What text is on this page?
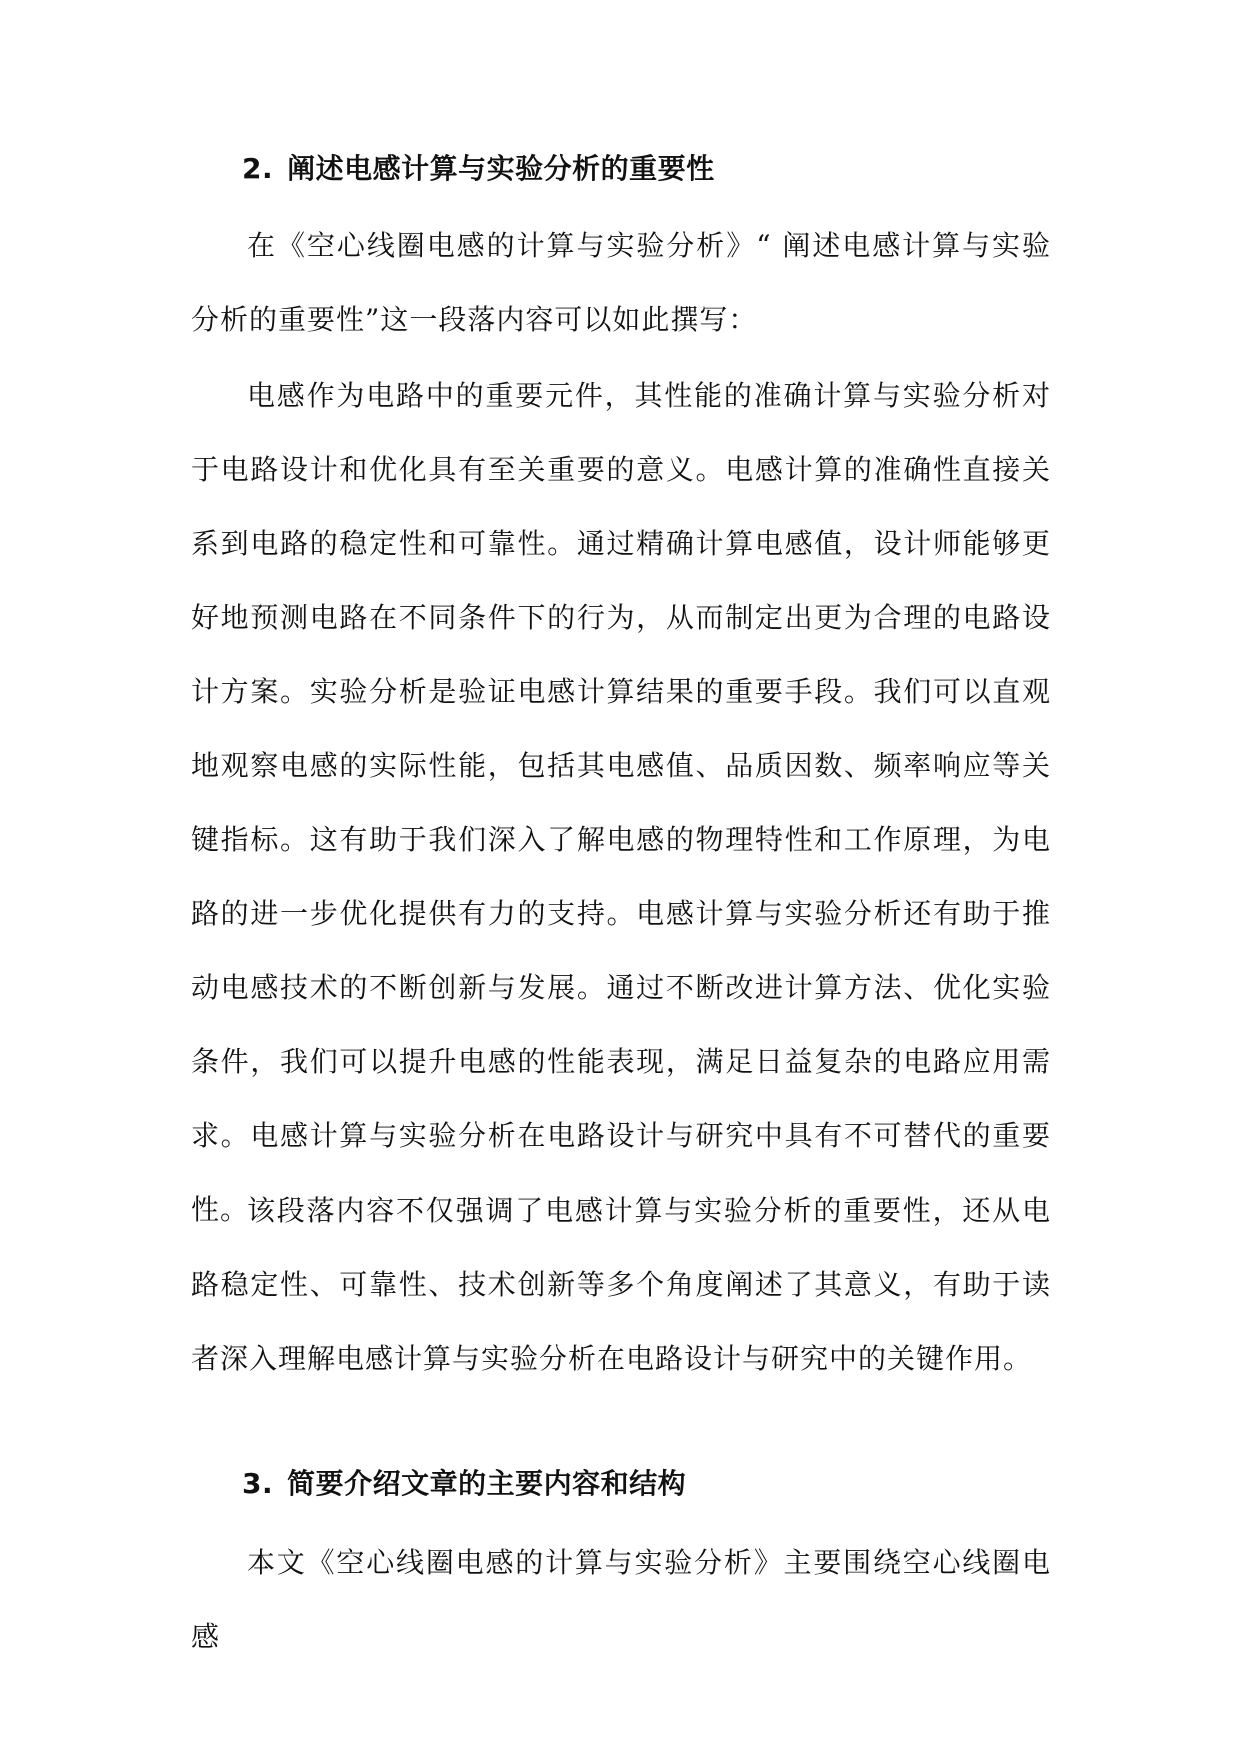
2. 阐述电感计算与实验分析的重要性

在《空心线圈电感的计算与实验分析》“ 阐述电感计算与实验分析的重要性”这一段落内容可以如此撰写：

电感作为电路中的重要元件，其性能的准确计算与实验分析对于电路设计和优化具有至关重要的意义。电感计算的准确性直接关系到电路的稳定性和可靠性。通过精确计算电感值，设计师能够更好地预测电路在不同条件下的行为，从而制定出更为合理的电路设计方案。实验分析是验证电感计算结果的重要手段。我们可以直观地观察电感的实际性能，包括其电感值、品质因数、频率响应等关键指标。这有助于我们深入了解电感的物理特性和工作原理，为电路的进一步优化提供有力的支持。电感计算与实验分析还有助于推动电感技术的不断创新与发展。通过不断改进计算方法、优化实验条件，我们可以提升电感的性能表现，满足日益复杂的电路应用需求。电感计算与实验分析在电路设计与研究中具有不可替代的重要性。

该段落内容不仅强调了电感计算与实验分析的重要性，还从电路稳定性、可靠性、技术创新等多个角度阐述了其意义，有助于读者深入理解电感计算与实验分析在电路设计与研究中的关键作用。

3. 简要介绍文章的主要内容和结构

本文《空心线圈电感的计算与实验分析》主要围绕空心线圈电感
